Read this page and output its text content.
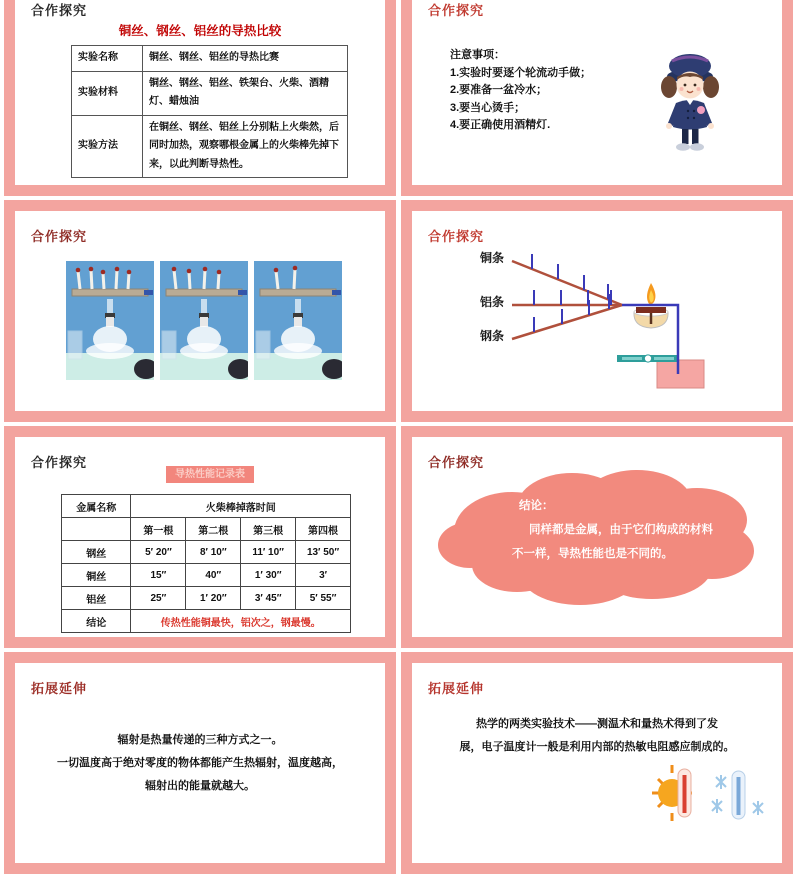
合作探究
铜丝、钢丝、铝丝的导热比较
实验名称	铜丝、钢丝、铝丝的导热比赛
实验材料	铜丝、钢丝、铝丝、铁架台、火柴、酒精灯、蜡烛油
实验方法	在铜丝、钢丝、铝丝上分别粘上火柴然，后同时加热，观察哪根金属上的火柴棒先掉下来，以此判断导热性。
合作探究
注意事项：
1.实验时要逐个轮流动手做；
2.要准备一盆冷水；
3.要当心烫手；
4.要正确使用酒精灯.
合作探究	合作探究
铜条
铝条
钢条
合作探究
导热性能记录表
金属名称	火柴棒掉落时间			
	第一根	第二根	第三根	第四根
钢丝	5′ 20″	8′ 10″	11′ 10″	13′ 50″
铜丝	15″	40″	1′ 30″	3′
铝丝	25″	1′ 20″	3′ 45″	5′ 55″
结论	传热性能铜最快，铝次之，钢最慢。			
合作探究
结论：
同样都是金属，由于它们构成的材料
不一样，导热性能也是不同的。
拓展延伸
辐射是热量传递的三种方式之一。
一切温度高于绝对零度的物体都能产生热辐射，温度越高，
辐射出的能量就越大。
拓展延伸
热学的两类实验技术——测温术和量热术得到了发
展，电子温度计一般是利用内部的热敏电阻感应制成的。
